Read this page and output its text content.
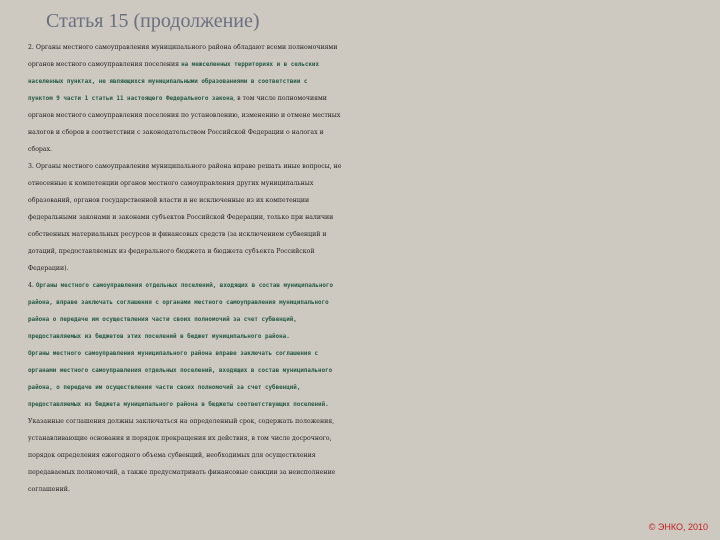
Статья 15 (продолжение)
2. Органы местного самоуправления муниципального района обладают всеми полномочиями
органов местного самоуправления поселения на межселенных территориях и в сельских
населенных пунктах, не являющихся муниципальными образованиями в соответствии с
пунктом 9 части 1 статьи 11 настоящего Федерального закона, в том числе полномочиями
органов местного самоуправления поселения по установлению, изменению и отмене местных
налогов и сборов в соответствии с законодательством Российской Федерации о налогах и
сборах.
3. Органы местного самоуправления муниципального района вправе решать иные вопросы, не
отнесенные к компетенции органов местного самоуправления других муниципальных
образований, органов государственной власти и не исключенные из их компетенции
федеральными законами и законами субъектов Российской Федерации, только при наличии
собственных материальных ресурсов и финансовых средств (за исключением субвенций и
дотаций, предоставляемых из федерального бюджета и бюджета субъекта Российской
Федерации).
4. Органы местного самоуправления отдельных поселений, входящих в состав муниципального
района, вправе заключать соглашения с органами местного самоуправления муниципального
района о передаче им осуществления части своих полномочий за счет субвенций,
предоставляемых из бюджетов этих поселений в бюджет муниципального района.
Органы местного самоуправления муниципального района вправе заключать соглашения с
органами местного самоуправления отдельных поселений, входящих в состав муниципального
района, о передаче им осуществления части своих полномочий за счет субвенций,
предоставляемых из бюджета муниципального района в бюджеты соответствующих поселений.
Указанные соглашения должны заключаться на определенный срок, содержать положения,
устанавливающие основания и порядок прекращения их действия, в том числе досрочного,
порядок определения ежегодного объема субвенций, необходимых для осуществления
передаваемых полномочий, а также предусматривать финансовые санкции за неисполнение
соглашений.
© ЭНКО, 2010
